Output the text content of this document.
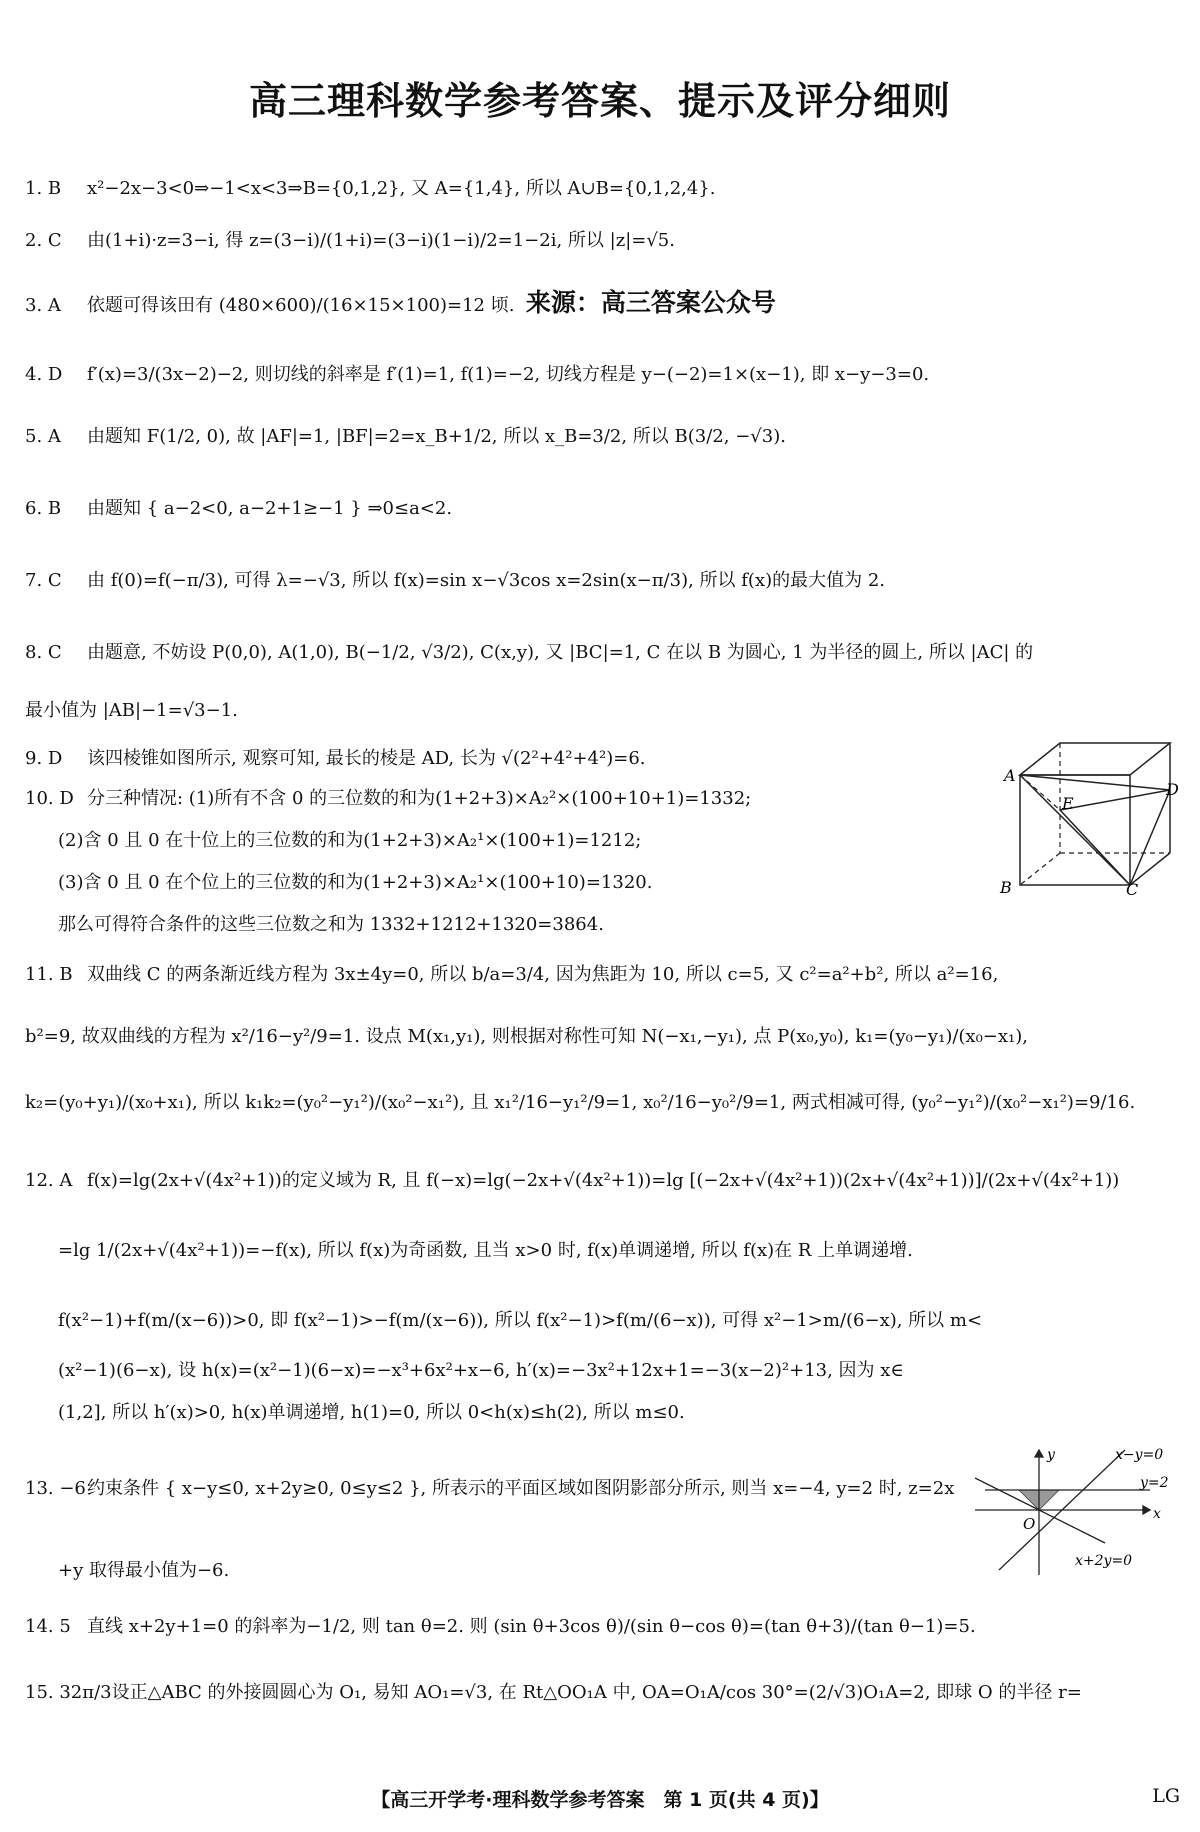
高三理科数学参考答案、提示及评分细则
1. B x²−2x−3<0⇒−1<x<3⇒B={0,1,2}, 又 A={1,4}, 所以 A∪B={0,1,2,4}.
2. C 由(1+i)·z=3−i, 得 z=(3−i)/(1+i)=(3−i)(1−i)/2=1−2i, 所以 |z|=√5.
3. A 依题可得该田有 (480×600)/(16×15×100)=12 顷. 来源：高三答案公众号
4. D f′(x)=3/(3x−2)−2, 则切线的斜率是 f′(1)=1, f(1)=−2, 切线方程是 y−(−2)=1×(x−1), 即 x−y−3=0.
5. A 由题知 F(1/2, 0), 故 |AF|=1, |BF|=2=x_B+1/2, 所以 x_B=3/2, 所以 B(3/2, −√3).
6. B 由题知 { a−2<0, a−2+1≥−1 } ⇒0≤a<2.
7. C 由 f(0)=f(−π/3), 可得 λ=−√3, 所以 f(x)=sin x−√3cos x=2sin(x−π/3), 所以 f(x)的最大值为 2.
8. C 由题意, 不妨设 P(0,0), A(1,0), B(−1/2, √3/2), C(x,y), 又 |BC|=1, C 在以 B 为圆心, 1 为半径的圆上, 所以 |AC| 的
最小值为 |AB|−1=√3−1.
9. D 该四棱锥如图所示, 观察可知, 最长的棱是 AD, 长为 √(2²+4²+4²)=6.
10. D 分三种情况: (1)所有不含 0 的三位数的和为(1+2+3)×A₂²×(100+10+1)=1332;
(2)含 0 且 0 在十位上的三位数的和为(1+2+3)×A₂¹×(100+1)=1212;
(3)含 0 且 0 在个位上的三位数的和为(1+2+3)×A₂¹×(100+10)=1320.
那么可得符合条件的这些三位数之和为 1332+1212+1320=3864.
11. B 双曲线 C 的两条渐近线方程为 3x±4y=0, 所以 b/a=3/4, 因为焦距为 10, 所以 c=5, 又 c²=a²+b², 所以 a²=16,
b²=9, 故双曲线的方程为 x²/16−y²/9=1. 设点 M(x₁,y₁), 则根据对称性可知 N(−x₁,−y₁), 点 P(x₀,y₀), k₁=(y₀−y₁)/(x₀−x₁),
k₂=(y₀+y₁)/(x₀+x₁), 所以 k₁k₂=(y₀²−y₁²)/(x₀²−x₁²), 且 x₁²/16−y₁²/9=1, x₀²/16−y₀²/9=1, 两式相减可得, (y₀²−y₁²)/(x₀²−x₁²)=9/16.
12. A f(x)=lg(2x+√(4x²+1))的定义域为 R, 且 f(−x)=lg(−2x+√(4x²+1))=lg [(−2x+√(4x²+1))(2x+√(4x²+1))]/(2x+√(4x²+1))
=lg 1/(2x+√(4x²+1))=−f(x), 所以 f(x)为奇函数, 且当 x>0 时, f(x)单调递增, 所以 f(x)在 R 上单调递增.
f(x²−1)+f(m/(x−6))>0, 即 f(x²−1)>−f(m/(x−6)), 所以 f(x²−1)>f(m/(6−x)), 可得 x²−1>m/(6−x), 所以 m<
(x²−1)(6−x), 设 h(x)=(x²−1)(6−x)=−x³+6x²+x−6, h′(x)=−3x²+12x+1=−3(x−2)²+13, 因为 x∈
(1,2], 所以 h′(x)>0, h(x)单调递增, h(1)=0, 所以 0<h(x)≤h(2), 所以 m≤0.
13. −6约束条件 { x−y≤0, x+2y≥0, 0≤y≤2 }, 所表示的平面区域如图阴影部分所示, 则当 x=−4, y=2 时, z=2x
+y 取得最小值为−6.
14. 5 直线 x+2y+1=0 的斜率为−1/2, 则 tan θ=2. 则 (sin θ+3cos θ)/(sin θ−cos θ)=(tan θ+3)/(tan θ−1)=5.
15. 32π/3设正△ABC 的外接圆圆心为 O₁, 易知 AO₁=√3, 在 Rt△OO₁A 中, OA=O₁A/cos 30°=(2/√3)O₁A=2, 即球 O 的半径 r=
A
B	C
D
E
y
x
O
x−y=0
y=2
x+2y=0
【高三开学考·理科数学参考答案　第 1 页(共 4 页)】	LG
